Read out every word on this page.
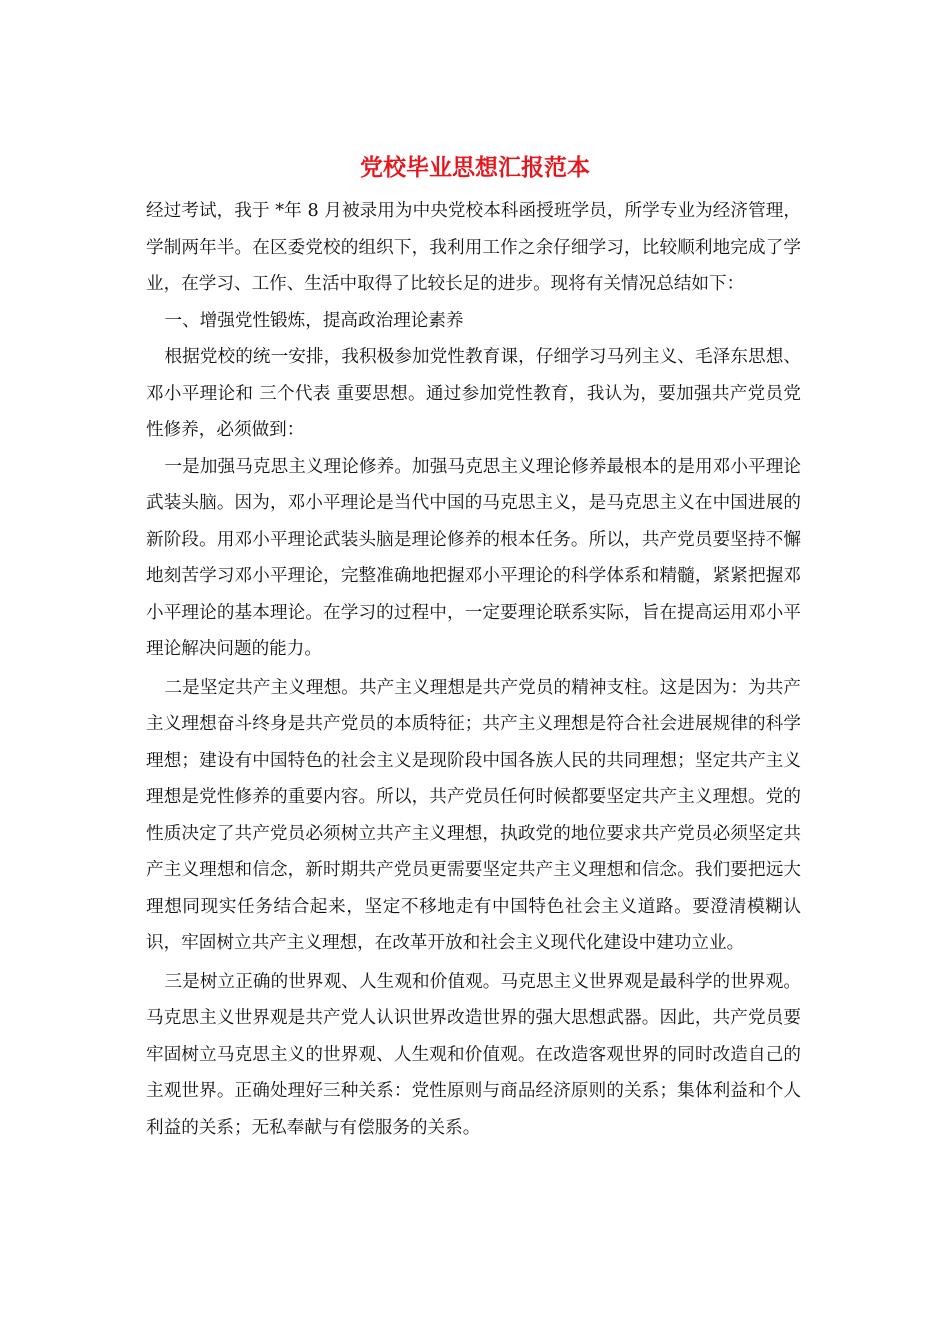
党校毕业思想汇报范本

经过考试，我于 *年 8 月被录用为中央党校本科函授班学员，所学专业为经济管理，学制两年半。在区委党校的组织下，我利用工作之余仔细学习，比较顺利地完成了学业，在学习、工作、生活中取得了比较长足的进步。现将有关情况总结如下：

一、增强党性锻炼，提高政治理论素养

根据党校的统一安排，我积极参加党性教育课，仔细学习马列主义、毛泽东思想、邓小平理论和 三个代表 重要思想。通过参加党性教育，我认为，要加强共产党员党性修养，必须做到：

一是加强马克思主义理论修养。加强马克思主义理论修养最根本的是用邓小平理论武装头脑。因为，邓小平理论是当代中国的马克思主义，是马克思主义在中国进展的新阶段。用邓小平理论武装头脑是理论修养的根本任务。所以，共产党员要坚持不懈地刻苦学习邓小平理论，完整准确地把握邓小平理论的科学体系和精髓，紧紧把握邓小平理论的基本理论。在学习的过程中，一定要理论联系实际，旨在提高运用邓小平理论解决问题的能力。

二是坚定共产主义理想。共产主义理想是共产党员的精神支柱。这是因为：为共产主义理想奋斗终身是共产党员的本质特征；共产主义理想是符合社会进展规律的科学理想；建设有中国特色的社会主义是现阶段中国各族人民的共同理想；坚定共产主义理想是党性修养的重要内容。所以，共产党员任何时候都要坚定共产主义理想。党的性质决定了共产党员必须树立共产主义理想，执政党的地位要求共产党员必须坚定共产主义理想和信念，新时期共产党员更需要坚定共产主义理想和信念。我们要把远大理想同现实任务结合起来，坚定不移地走有中国特色社会主义道路。要澄清模糊认识，牢固树立共产主义理想，在改革开放和社会主义现代化建设中建功立业。

三是树立正确的世界观、人生观和价值观。马克思主义世界观是最科学的世界观。马克思主义世界观是共产党人认识世界改造世界的强大思想武器。因此，共产党员要牢固树立马克思主义的世界观、人生观和价值观。在改造客观世界的同时改造自己的主观世界。正确处理好三种关系：党性原则与商品经济原则的关系；集体利益和个人利益的关系；无私奉献与有偿服务的关系。
